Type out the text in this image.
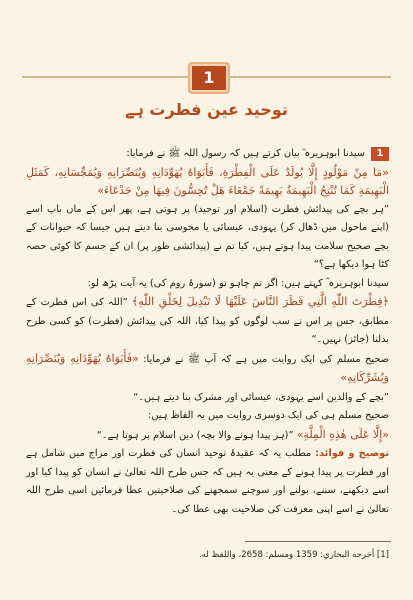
1
توحید عین فطرت ہے
1

سیدنا ابوہریرہ ؓ بیان کرتے ہیں کہ رسول اللہ ﷺ نے فرمایا:

«مَا مِنْ مَوْلُودٍ إِلَّا يُولَدُ عَلَى الْفِطْرَةِ، فَأَبَوَاهُ يُهَوِّدَانِهِ وَيُنَصِّرَانِهِ وَيُمَجِّسَانِهِ، كَمَثَلِ الْبَهِيمَةِ كَمَا تُنْتِجُ الْبَهِيمَةُ بَهِيمَةً جَمْعَاءَ هَلْ تُحِسُّونَ فِيهَا مِنْ جَدْعَاءَ»

”ہر بچے کی پیدائش فطرت (اسلام اور توحید) پر ہوتی ہے، پھر اس کے ماں باپ اسے (اپنے ماحول میں ڈھال کر) یہودی، عیسائی یا مجوسی بنا دیتے ہیں جیسا کہ حیوانات کے بچے صحیح سلامت پیدا ہوتے ہیں، کیا تم نے (پیدائشی طور پر) ان کے جسم کا کوئی حصہ کٹا ہوا دیکھا ہے؟“

سیدنا ابوہریرہ ؓ کہتے ہیں: اگر تم چاہو تو (سورۂ روم کی) یہ آیت پڑھ لو:

﴿فِطْرَتَ اللّٰهِ الَّتِي فَطَرَ النَّاسَ عَلَيْهَا لَا تَبْدِيلَ لِخَلْقِ اللّٰهِ﴾ ”اللہ کی اس فطرت کے مطابق، جس پر اس نے سب لوگوں کو پیدا کیا، اللہ کی پیدائش (فطرت) کو کسی طرح بدلنا (جائز) نہیں۔“

صحیح مسلم کی ایک روایت میں ہے کہ آپ ﷺ نے فرمایا: «فَأَبَوَاهُ يُهَوِّدَانِهِ وَيُنَصِّرَانِهِ وَيُشَرِّكَانِهِ»

”بچے کے والدین اسے یہودی، عیسائی اور مشرک بنا دیتے ہیں۔“

صحیح مسلم ہی کی ایک دوسری روایت میں یہ الفاظ ہیں:

«إِلَّا عَلَى هٰذِهِ الْمِلَّةِ» ”(ہر پیدا ہونے والا بچہ) دین اسلام پر ہوتا ہے۔“

توضیح و فوائد: مطلب یہ کہ عقیدۂ توحید انسان کی فطرت اور مزاج میں شامل ہے اور فطرت پر پیدا ہونے کے معنی یہ ہیں کہ جس طرح اللہ تعالیٰ نے انسان کو پیدا کیا اور اسے دیکھنے، سننے، بولنے اور سوچنے سمجھنے کی صلاحیتیں عطا فرمائیں اسی طرح اللہ تعالیٰ نے اسے اپنی معرفت کی صلاحیت بھی عطا کی۔

[1] أخرجه البخاري: 1359 ومسلم: 2658، واللفظ له.
